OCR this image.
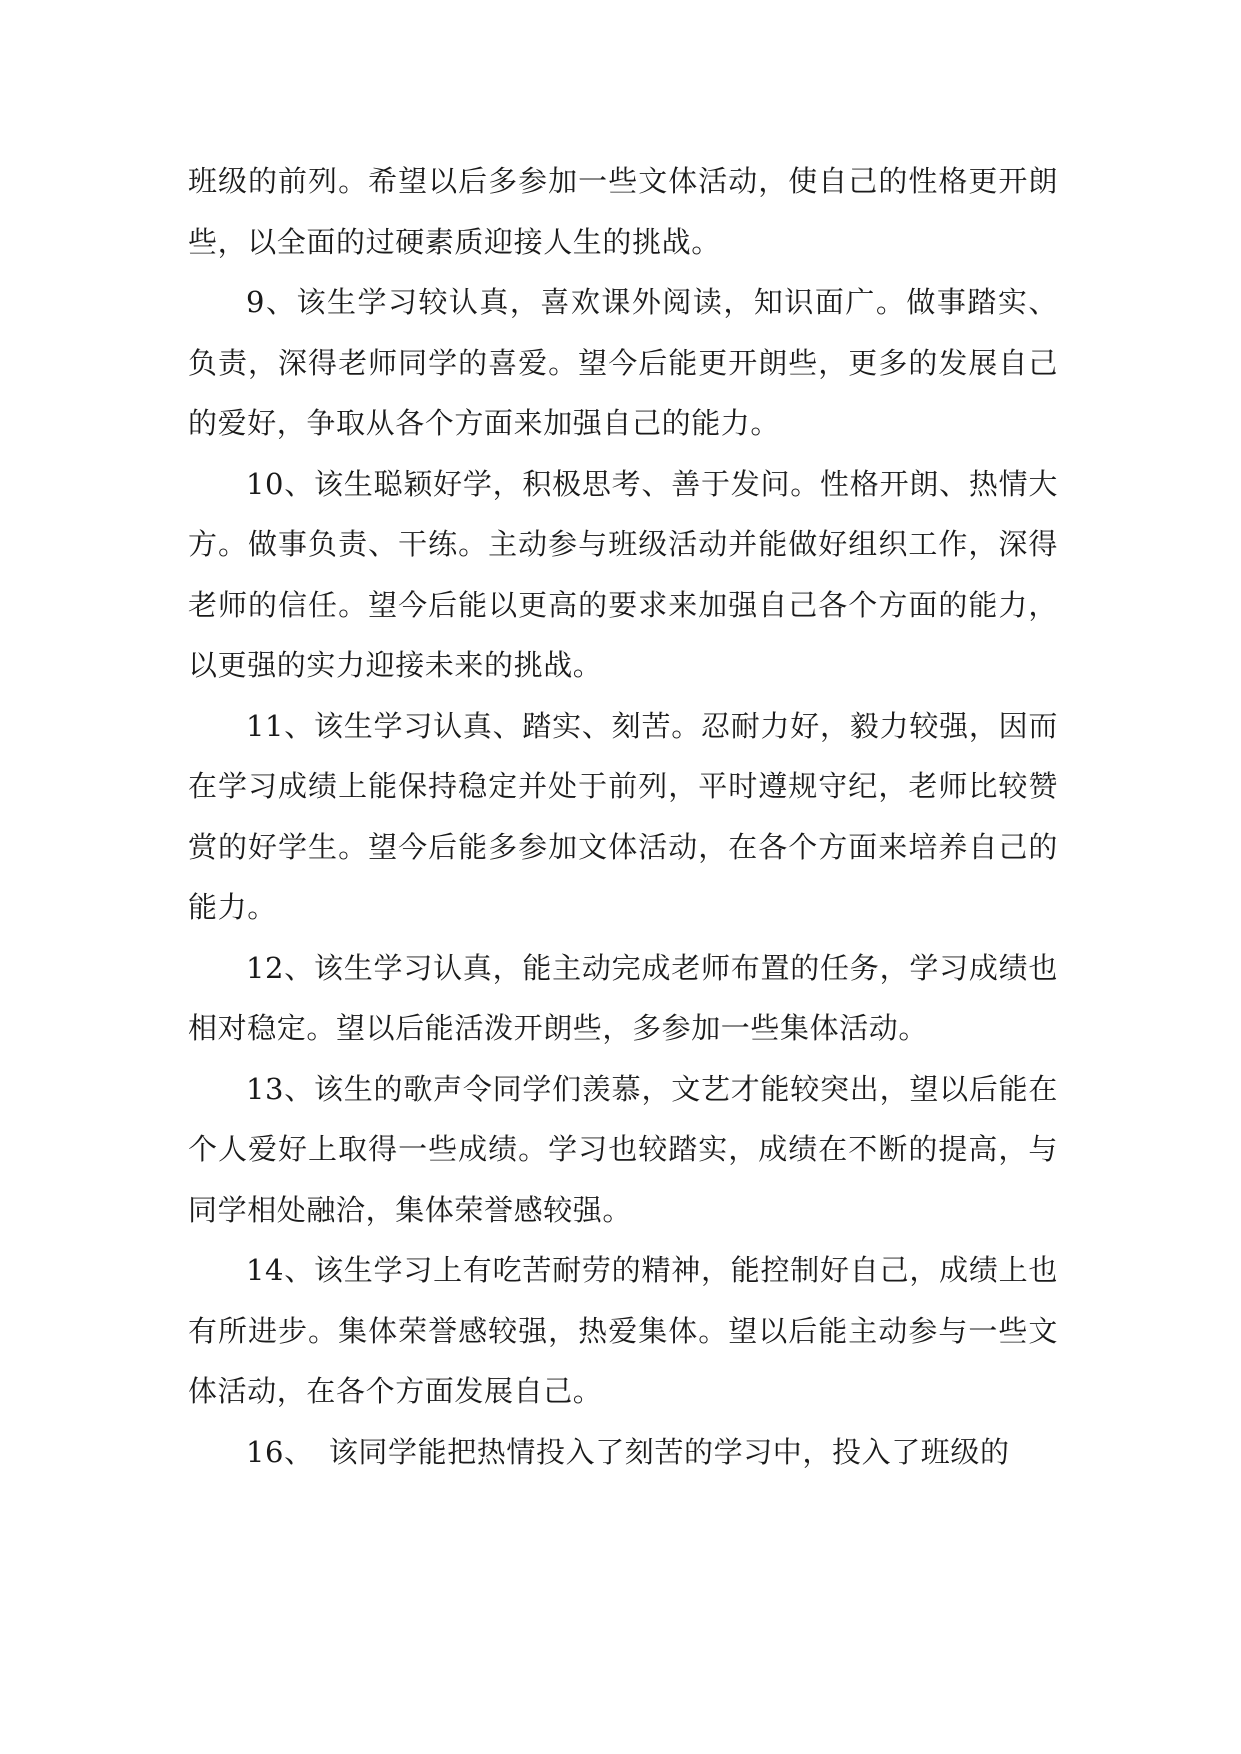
班级的前列。希望以后多参加一些文体活动，使自己的性格更开朗些，以全面的过硬素质迎接人生的挑战。

9、该生学习较认真，喜欢课外阅读，知识面广。做事踏实、负责，深得老师同学的喜爱。望今后能更开朗些，更多的发展自己的爱好，争取从各个方面来加强自己的能力。

10、该生聪颖好学，积极思考、善于发问。性格开朗、热情大方。做事负责、干练。主动参与班级活动并能做好组织工作，深得老师的信任。望今后能以更高的要求来加强自己各个方面的能力，以更强的实力迎接未来的挑战。

11、该生学习认真、踏实、刻苦。忍耐力好，毅力较强，因而在学习成绩上能保持稳定并处于前列，平时遵规守纪，老师比较赞赏的好学生。望今后能多参加文体活动，在各个方面来培养自己的能力。

12、该生学习认真，能主动完成老师布置的任务，学习成绩也相对稳定。望以后能活泼开朗些，多参加一些集体活动。

13、该生的歌声令同学们羡慕，文艺才能较突出，望以后能在个人爱好上取得一些成绩。学习也较踏实，成绩在不断的提高，与同学相处融洽，集体荣誉感较强。

14、该生学习上有吃苦耐劳的精神，能控制好自己，成绩上也有所进步。集体荣誉感较强，热爱集体。望以后能主动参与一些文体活动，在各个方面发展自己。

16、　该同学能把热情投入了刻苦的学习中，投入了班级的
